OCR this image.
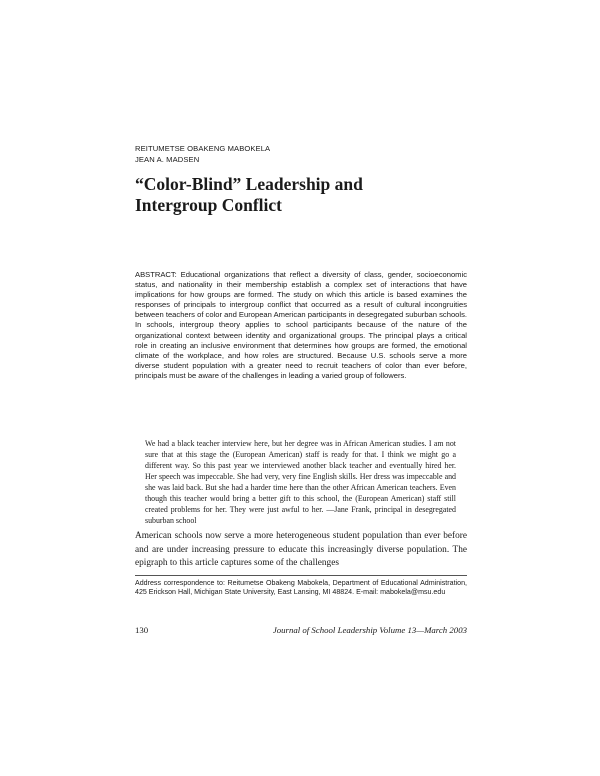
REITUMETSE OBAKENG MABOKELA
JEAN A. MADSEN
“Color-Blind” Leadership and
Intergroup Conflict
ABSTRACT: Educational organizations that reflect a diversity of class, gender, socioeconomic status, and nationality in their membership establish a complex set of interactions that have implications for how groups are formed. The study on which this article is based examines the responses of principals to intergroup conflict that occurred as a result of cultural incongruities between teachers of color and European American participants in desegregated suburban schools. In schools, intergroup theory applies to school participants because of the nature of the organizational context between identity and organizational groups. The principal plays a critical role in creating an inclusive environment that determines how groups are formed, the emotional climate of the workplace, and how roles are structured. Because U.S. schools serve a more diverse student population with a greater need to recruit teachers of color than ever before, principals must be aware of the challenges in leading a varied group of followers.
We had a black teacher interview here, but her degree was in African American studies. I am not sure that at this stage the (European American) staff is ready for that. I think we might go a different way. So this past year we interviewed another black teacher and eventually hired her. Her speech was impeccable. She had very, very fine English skills. Her dress was impeccable and she was laid back. But she had a harder time here than the other African American teachers. Even though this teacher would bring a better gift to this school, the (European American) staff still created problems for her. They were just awful to her. —Jane Frank, principal in desegregated suburban school
American schools now serve a more heterogeneous student population than ever before and are under increasing pressure to educate this increasingly diverse population. The epigraph to this article captures some of the challenges
Address correspondence to: Reitumetse Obakeng Mabokela, Department of Educational Administration, 425 Erickson Hall, Michigan State University, East Lansing, MI 48824. E-mail: mabokela@msu.edu
130	Journal of School Leadership Volume 13—March 2003
